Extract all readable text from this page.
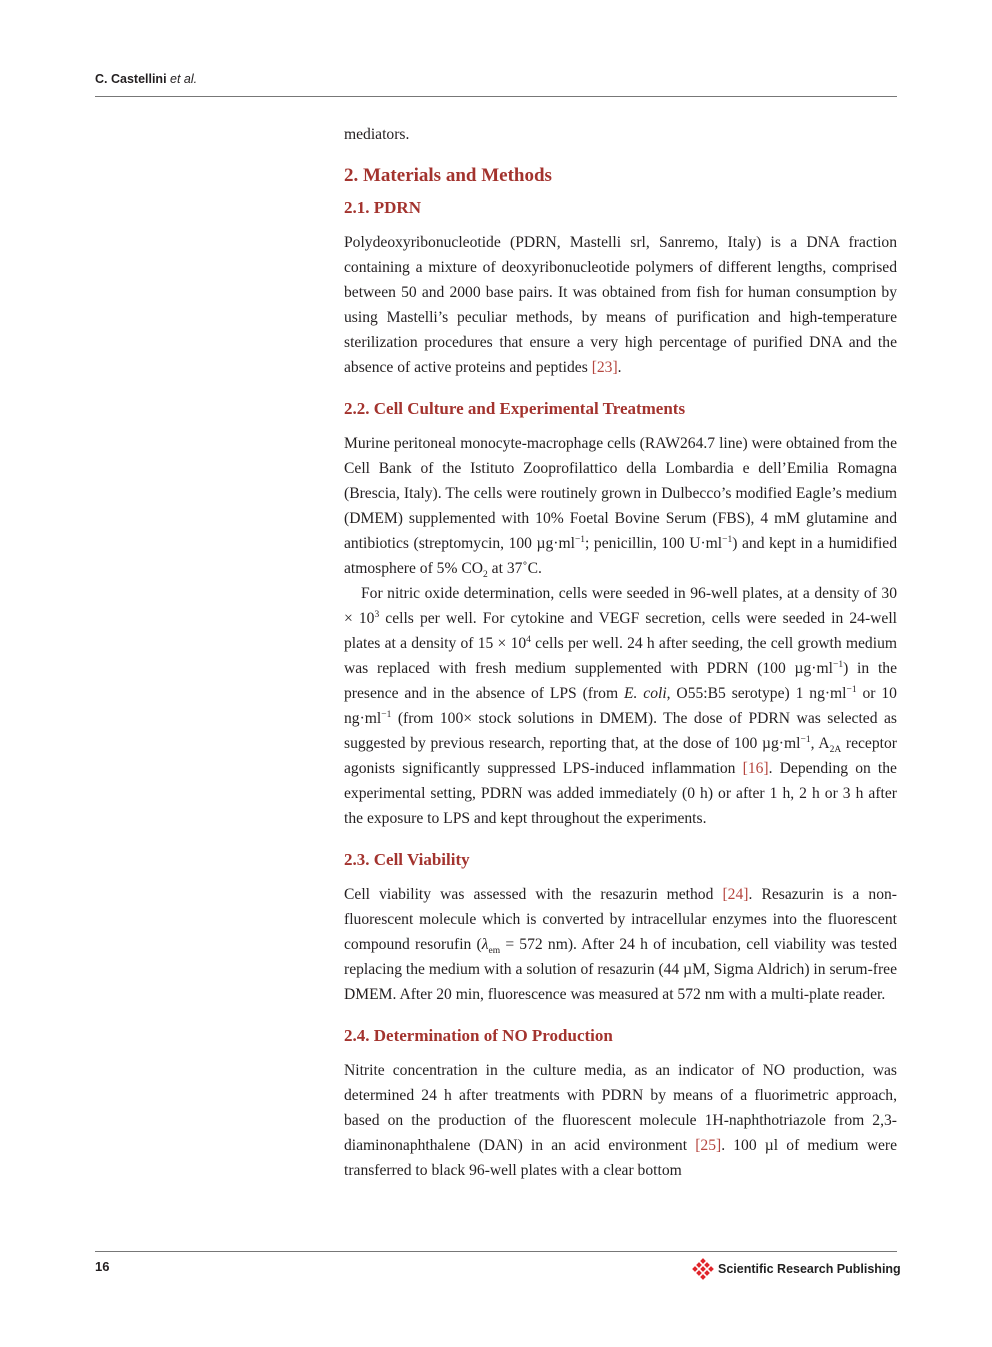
C. Castellini et al.

mediators.

2. Materials and Methods
2.1. PDRN

Polydeoxyribonucleotide (PDRN, Mastelli srl, Sanremo, Italy) is a DNA fraction containing a mixture of deoxyribonucleotide polymers of different lengths, comprised between 50 and 2000 base pairs. It was obtained from fish for human consumption by using Mastelli’s peculiar methods, by means of purification and high-temperature sterilization procedures that ensure a very high percentage of purified DNA and the absence of active proteins and peptides [23].

2.2. Cell Culture and Experimental Treatments

Murine peritoneal monocyte-macrophage cells (RAW264.7 line) were obtained from the Cell Bank of the Istituto Zooprofilattico della Lombardia e dell’Emilia Romagna (Brescia, Italy). The cells were routinely grown in Dulbecco’s modified Eagle’s medium (DMEM) supplemented with 10% Foetal Bovine Serum (FBS), 4 mM glutamine and antibiotics (streptomycin, 100 $\mu g\cdot ml^{-1}$; penicillin, 100 $U\cdot ml^{-1}$) and kept in a humidified atmosphere of 5% $CO_2$ at 37˚C.

For nitric oxide determination, cells were seeded in 96-well plates, at a density of $30 \times 10^3$ cells per well. For cytokine and VEGF secretion, cells were seeded in 24-well plates at a density of $15 \times 10^4$ cells per well. 24 h after seeding, the cell growth medium was replaced with fresh medium supplemented with PDRN (100 $\mu g\cdot ml^{-1}$) in the presence and in the absence of LPS (from E. coli, O55:B5 serotype) 1 $ng\cdot ml^{-1}$ or 10 $ng\cdot ml^{-1}$ (from 100× stock solutions in DMEM). The dose of PDRN was selected as suggested by previous research, reporting that, at the dose of 100 $\mu g\cdot ml^{-1}$, $A_{2A}$ receptor agonists significantly suppressed LPS-induced inflammation [16]. Depending on the experimental setting, PDRN was added immediately (0 h) or after 1 h, 2 h or 3 h after the exposure to LPS and kept throughout the experiments.

2.3. Cell Viability

Cell viability was assessed with the resazurin method [24]. Resazurin is a non-fluorescent molecule which is converted by intracellular enzymes into the fluorescent compound resorufin ($\lambda_{em} = 572$ nm). After 24 h of incubation, cell viability was tested replacing the medium with a solution of resazurin (44 µM, Sigma Aldrich) in serum-free DMEM. After 20 min, fluorescence was measured at 572 nm with a multi-plate reader.

2.4. Determination of NO Production

Nitrite concentration in the culture media, as an indicator of NO production, was determined 24 h after treatments with PDRN by means of a fluorimetric approach, based on the production of the fluorescent molecule 1H-naphthotriazole from 2,3-diaminonaphthalene (DAN) in an acid environment [25]. 100 µl of medium were transferred to black 96-well plates with a clear bottom

16	Scientific Research Publishing
